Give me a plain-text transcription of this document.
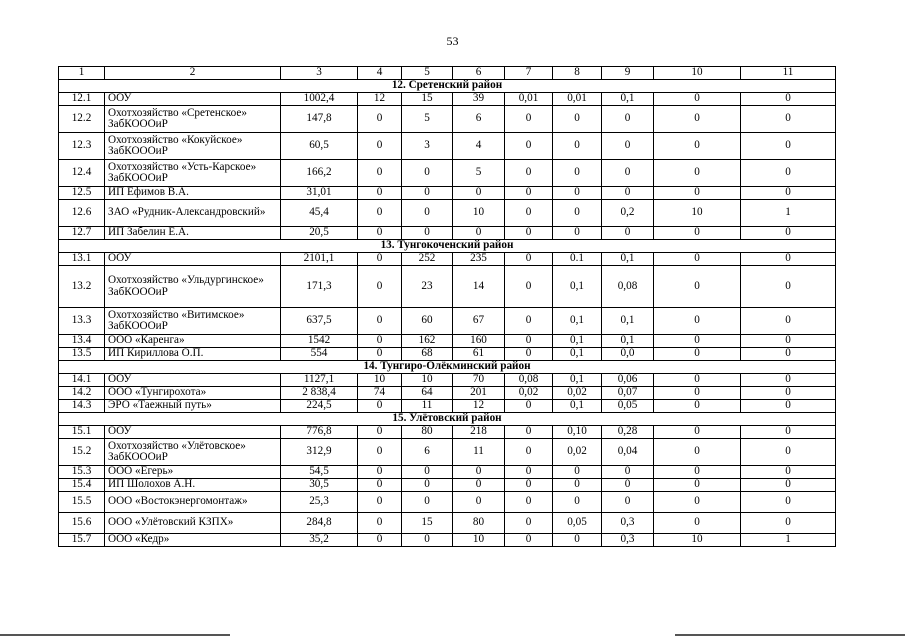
53
1	2	3	4	5	6	7	8	9	10	11
12. Сретенский район										
12.1	ООУ	1002,4	12	15	39	0,01	0,01	0,1	0	0
12.2	Охотхозяйство «Сретенское» ЗабКОООиР	147,8	0	5	6	0	0	0	0	0
12.3	Охотхозяйство «Кокуйское» ЗабКОООиР	60,5	0	3	4	0	0	0	0	0
12.4	Охотхозяйство «Усть-Карское» ЗабКОООиР	166,2	0	0	5	0	0	0	0	0
12.5	ИП Ефимов В.А.	31,01	0	0	0	0	0	0	0	0
12.6	ЗАО «Рудник-Александровский»	45,4	0	0	10	0	0	0,2	10	1
12.7	ИП Забелин Е.А.	20,5	0	0	0	0	0	0	0	0
13. Тунгокоченский район										
13.1	ООУ	2101,1	0	252	235	0	0.1	0,1	0	0
13.2	Охотхозяйство «Ульдургинское» ЗабКОООиР	171,3	0	23	14	0	0,1	0,08	0	0
13.3	Охотхозяйство «Витимское» ЗабКОООиР	637,5	0	60	67	0	0,1	0,1	0	0
13.4	ООО «Каренга»	1542	0	162	160	0	0,1	0,1	0	0
13.5	ИП Кириллова О.П.	554	0	68	61	0	0,1	0,0	0	0
14. Тунгиро-Олёкминский район										
14.1	ООУ	1127,1	10	10	70	0,08	0,1	0,06	0	0
14.2	ООО «Тунгирохота»	2 838,4	74	64	201	0,02	0,02	0,07	0	0
14.3	ЭРО «Таежный путь»	224,5	0	11	12	0	0,1	0,05	0	0
15. Улётовский район										
15.1	ООУ	776,8	0	80	218	0	0,10	0,28	0	0
15.2	Охотхозяйство «Улётовское» ЗабКОООиР	312,9	0	6	11	0	0,02	0,04	0	0
15.3	ООО «Егерь»	54,5	0	0	0	0	0	0	0	0
15.4	ИП Шолохов А.Н.	30,5	0	0	0	0	0	0	0	0
15.5	ООО «Востокэнергомонтаж»	25,3	0	0	0	0	0	0	0	0
15.6	ООО «Улётовский КЗПХ»	284,8	0	15	80	0	0,05	0,3	0	0
15.7	ООО «Кедр»	35,2	0	0	10	0	0	0,3	10	1
